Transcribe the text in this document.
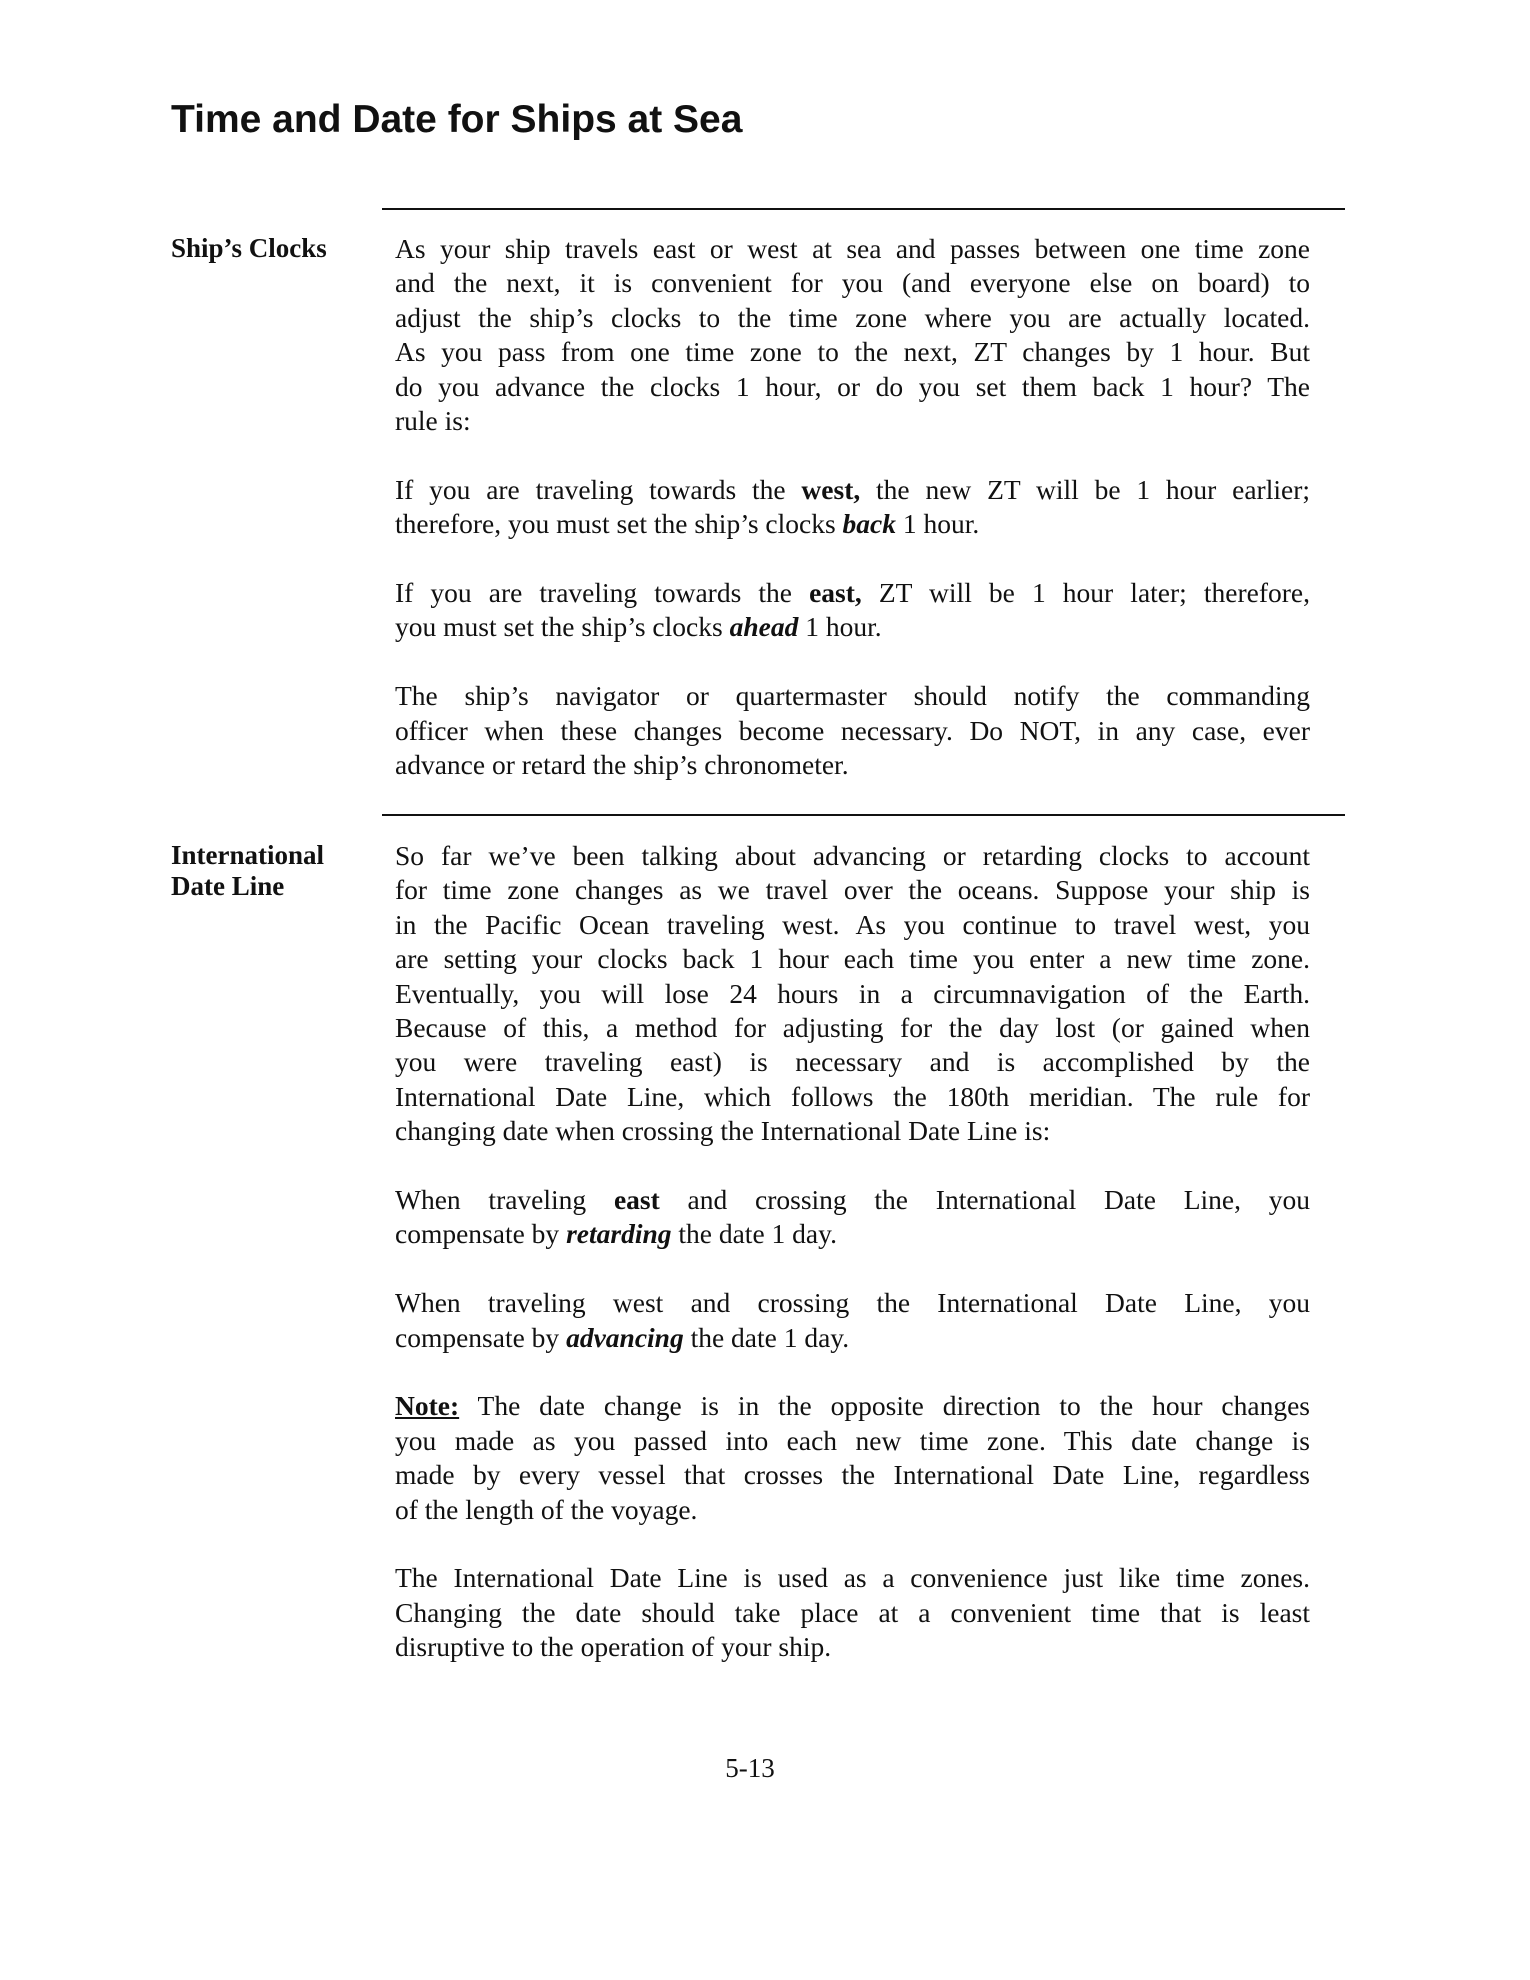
Time and Date for Ships at Sea
Ship’s Clocks As your ship travels east or west at sea and passes between one time zone
and the next, it is convenient for you (and everyone else on board) to
adjust the ship’s clocks to the time zone where you are actually located.
As you pass from one time zone to the next, ZT changes by 1 hour. But
do you advance the clocks 1 hour, or do you set them back 1 hour? The
rule is:

If you are traveling towards the west, the new ZT will be 1 hour earlier;
therefore, you must set the ship’s clocks back 1 hour.

If you are traveling towards the east, ZT will be 1 hour later; therefore,
you must set the ship’s clocks ahead 1 hour.

The ship’s navigator or quartermaster should notify the commanding
officer when these changes become necessary. Do NOT, in any case, ever
advance or retard the ship’s chronometer.

International Date Line

So far we’ve been talking about advancing or retarding clocks to account
for time zone changes as we travel over the oceans. Suppose your ship is
in the Pacific Ocean traveling west. As you continue to travel west, you
are setting your clocks back 1 hour each time you enter a new time zone.
Eventually, you will lose 24 hours in a circumnavigation of the Earth.
Because of this, a method for adjusting for the day lost (or gained when
you were traveling east) is necessary and is accomplished by the
International Date Line, which follows the 180th meridian. The rule for
changing date when crossing the International Date Line is:

When traveling east and crossing the International Date Line, you
compensate by retarding the date 1 day.

When traveling west and crossing the International Date Line, you
compensate by advancing the date 1 day.

Note: The date change is in the opposite direction to the hour changes
you made as you passed into each new time zone. This date change is
made by every vessel that crosses the International Date Line, regardless
of the length of the voyage.

The International Date Line is used as a convenience just like time zones.
Changing the date should take place at a convenient time that is least
disruptive to the operation of your ship.

5-13
